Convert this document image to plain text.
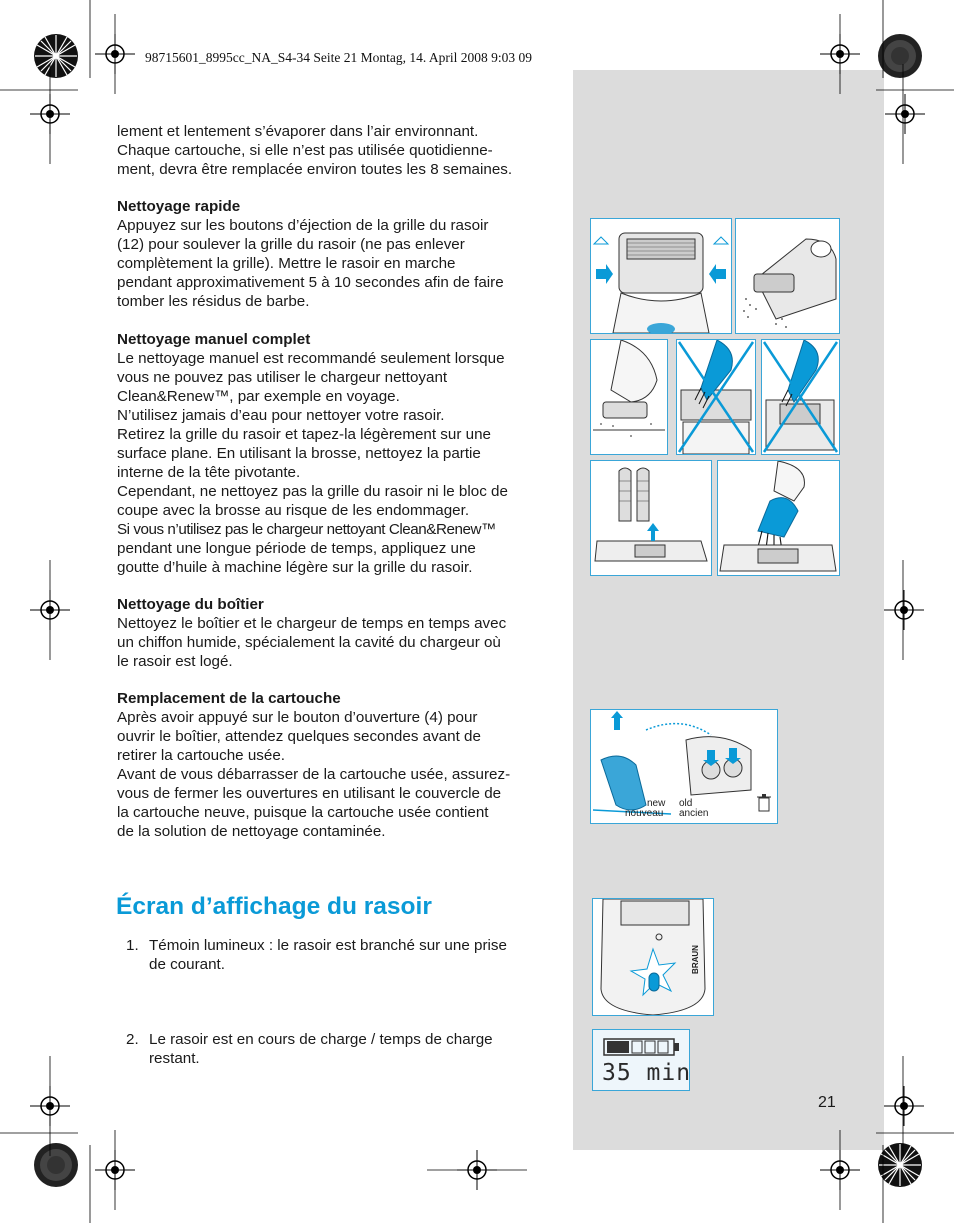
98715601_8995cc_NA_S4-34 Seite 21 Montag, 14. April 2008 9:03 09

lement et lentement s’évaporer dans l’air environnant.

Chaque cartouche, si elle n’est pas utilisée quotidienne-

ment, devra être remplacée environ toutes les 8 semaines.

Nettoyage rapide

Appuyez sur les boutons d’éjection de la grille du rasoir

(12) pour soulever la grille du rasoir (ne pas enlever

complètement la grille). Mettre le rasoir en marche

pendant approximativement 5 à 10 secondes afin de faire

tomber les résidus de barbe.

Nettoyage manuel complet

Le nettoyage manuel est recommandé seulement lorsque

vous ne pouvez pas utiliser le chargeur nettoyant

Clean&Renew™, par exemple en voyage.

N’utilisez jamais d’eau pour nettoyer votre rasoir.

Retirez la grille du rasoir et tapez-la légèrement sur une

surface plane. En utilisant la brosse, nettoyez la partie

interne de la tête pivotante.

Cependant, ne nettoyez pas la grille du rasoir ni le bloc de

coupe avec la brosse au risque de les endommager.

Si vous n’utilisez pas le chargeur nettoyant Clean&Renew™

pendant une longue période de temps, appliquez une

goutte d’huile à machine légère sur la grille du rasoir.

Nettoyage du boîtier

Nettoyez le boîtier et le chargeur de temps en temps avec

un chiffon humide, spécialement la cavité du chargeur où

le rasoir est logé.

Remplacement de la cartouche

Après avoir appuyé sur le bouton d’ouverture (4) pour

ouvrir le boîtier, attendez quelques secondes avant de

retirer la cartouche usée.

Avant de vous débarrasser de la cartouche usée, assurez-

vous de fermer les ouvertures en utilisant le couvercle de

la cartouche neuve, puisque la cartouche usée contient

de la solution de nettoyage contaminée.

Écran d’affichage du rasoir
1. Témoin lumineux : le rasoir est branché sur une prise
de courant.
2. Le rasoir est en cours de charge / temps de charge
restant.
21
new
nouveau
old
ancien
BRAUN
35 min
